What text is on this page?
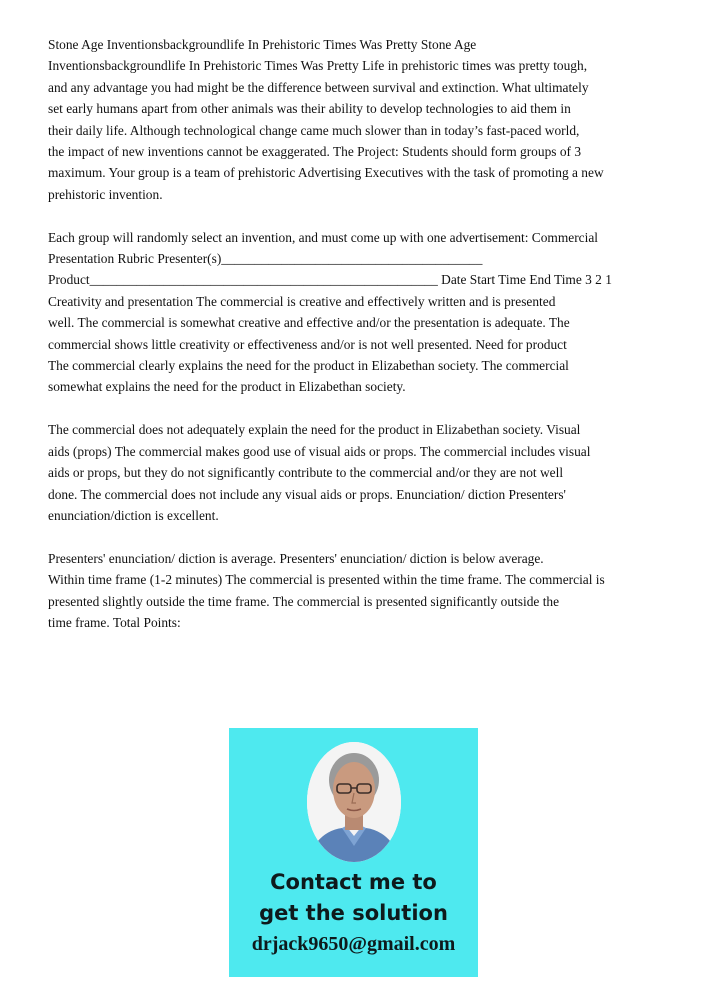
Stone Age Inventionsbackgroundlife In Prehistoric Times Was Pretty Stone Age
Inventionsbackgroundlife In Prehistoric Times Was Pretty Life in prehistoric times was pretty tough,
and any advantage you had might be the difference between survival and extinction. What ultimately
set early humans apart from other animals was their ability to develop technologies to aid them in
their daily life. Although technological change came much slower than in today’s fast-paced world,
the impact of new inventions cannot be exaggerated. The Project: Students should form groups of 3
maximum. Your group is a team of prehistoric Advertising Executives with the task of promoting a new
prehistoric invention.

Each group will randomly select an invention, and must come up with one advertisement: Commercial
Presentation Rubric Presenter(s)_______________________________________
Product____________________________________________________ Date Start Time End Time 3 2 1
Creativity and presentation The commercial is creative and effectively written and is presented
well. The commercial is somewhat creative and effective and/or the presentation is adequate. The
commercial shows little creativity or effectiveness and/or is not well presented. Need for product
The commercial clearly explains the need for the product in Elizabethan society. The commercial
somewhat explains the need for the product in Elizabethan society.

The commercial does not adequately explain the need for the product in Elizabethan society. Visual
aids (props) The commercial makes good use of visual aids or props. The commercial includes visual
aids or props, but they do not significantly contribute to the commercial and/or they are not well
done. The commercial does not include any visual aids or props. Enunciation/ diction Presenters'
enunciation/diction is excellent.

Presenters' enunciation/ diction is average. Presenters' enunciation/ diction is below average.
Within time frame (1-2 minutes) The commercial is presented within the time frame. The commercial is
presented slightly outside the time frame. The commercial is presented significantly outside the
time frame. Total Points:

Contact me to
get the solution
drjack9650@gmail.com
